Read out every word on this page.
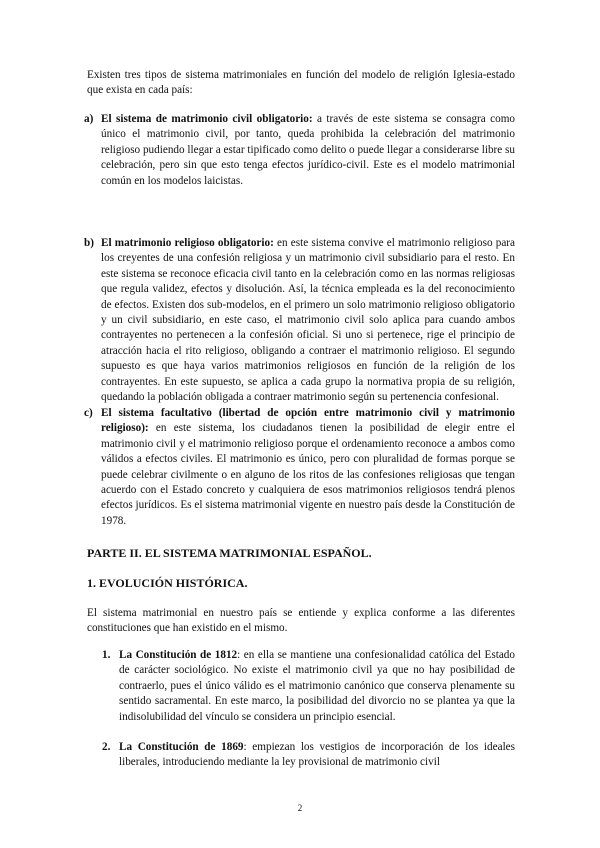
Existen tres tipos de sistema matrimoniales en función del modelo de religión Iglesia-estado que exista en cada país:

a) El sistema de matrimonio civil obligatorio: a través de este sistema se consagra como único el matrimonio civil, por tanto, queda prohibida la celebración del matrimonio religioso pudiendo llegar a estar tipificado como delito o puede llegar a considerarse libre su celebración, pero sin que esto tenga efectos jurídico-civil. Este es el modelo matrimonial común en los modelos laicistas.
b) El matrimonio religioso obligatorio: en este sistema convive el matrimonio religioso para los creyentes de una confesión religiosa y un matrimonio civil subsidiario para el resto. En este sistema se reconoce eficacia civil tanto en la celebración como en las normas religiosas que regula validez, efectos y disolución. Así, la técnica empleada es la del reconocimiento de efectos. Existen dos sub-modelos, en el primero un solo matrimonio religioso obligatorio y un civil subsidiario, en este caso, el matrimonio civil solo aplica para cuando ambos contrayentes no pertenecen a la confesión oficial. Si uno si pertenece, rige el principio de atracción hacia el rito religioso, obligando a contraer el matrimonio religioso. El segundo supuesto es que haya varios matrimonios religiosos en función de la religión de los contrayentes. En este supuesto, se aplica a cada grupo la normativa propia de su religión, quedando la población obligada a contraer matrimonio según su pertenencia confesional.
c) El sistema facultativo (libertad de opción entre matrimonio civil y matrimonio religioso): en este sistema, los ciudadanos tienen la posibilidad de elegir entre el matrimonio civil y el matrimonio religioso porque el ordenamiento reconoce a ambos como válidos a efectos civiles. El matrimonio es único, pero con pluralidad de formas porque se puede celebrar civilmente o en alguno de los ritos de las confesiones religiosas que tengan acuerdo con el Estado concreto y cualquiera de esos matrimonios religiosos tendrá plenos efectos jurídicos. Es el sistema matrimonial vigente en nuestro país desde la Constitución de 1978.

PARTE II. EL SISTEMA MATRIMONIAL ESPAÑOL.

1. EVOLUCIÓN HISTÓRICA.

El sistema matrimonial en nuestro país se entiende y explica conforme a las diferentes constituciones que han existido en el mismo.

1. La Constitución de 1812: en ella se mantiene una confesionalidad católica del Estado de carácter sociológico. No existe el matrimonio civil ya que no hay posibilidad de contraerlo, pues el único válido es el matrimonio canónico que conserva plenamente su sentido sacramental. En este marco, la posibilidad del divorcio no se plantea ya que la indisolubilidad del vínculo se considera un principio esencial.
2. La Constitución de 1869: empiezan los vestigios de incorporación de los ideales liberales, introduciendo mediante la ley provisional de matrimonio civil
2
